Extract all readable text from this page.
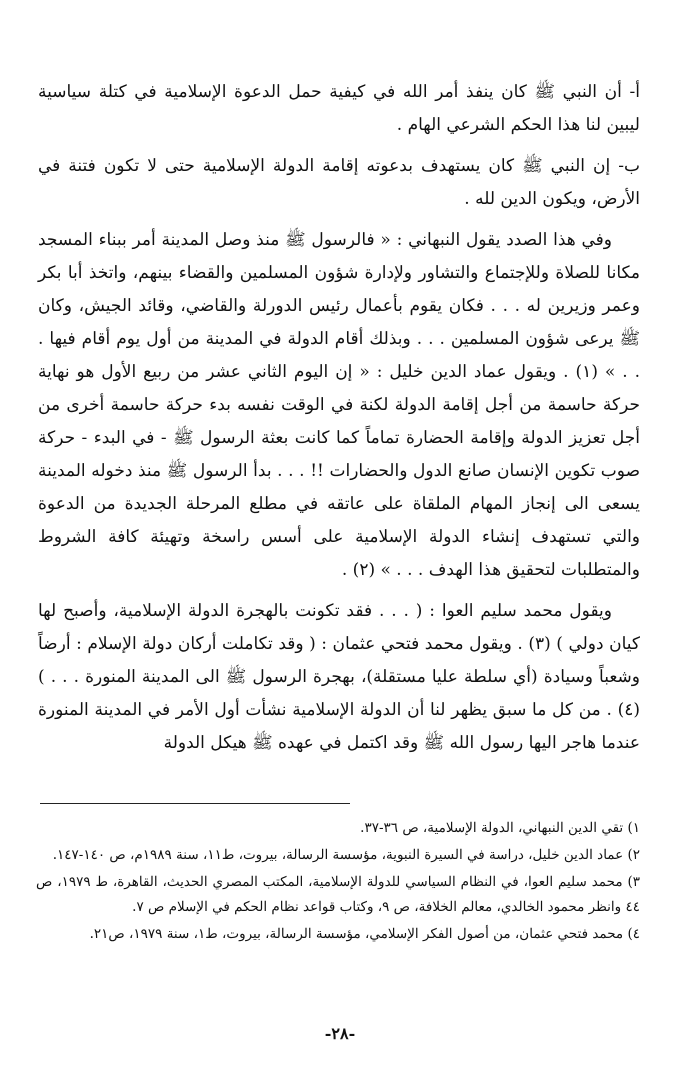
أ- أن النبي ﷺ كان ينفذ أمر الله في كيفية حمل الدعوة الإسلامية في كتلة سياسية ليبين لنا هذا الحكم الشرعي الهام .

ب- إن النبي ﷺ كان يستهدف بدعوته إقامة الدولة الإسلامية حتى لا تكون فتنة في الأرض، ويكون الدين لله .

وفي هذا الصدد يقول النبهاني : « فالرسول ﷺ منذ وصل المدينة أمر ببناء المسجد مكانا للصلاة وللإجتماع والتشاور ولإدارة شؤون المسلمين والقضاء بينهم، واتخذ أبا بكر وعمر وزيرين له . . . فكان يقوم بأعمال رئيس الدورلة والقاضي، وقائد الجيش، وكان ﷺ يرعى شؤون المسلمين . . . وبذلك أقام الدولة في المدينة من أول يوم أقام فيها . . . » (١) . ويقول عماد الدين خليل : « إن اليوم الثاني عشر من ربيع الأول هو نهاية حركة حاسمة من أجل إقامة الدولة لكنة في الوقت نفسه بدء حركة حاسمة أخرى من أجل تعزيز الدولة وإقامة الحضارة تماماً كما كانت بعثة الرسول ﷺ - في البدء - حركة صوب تكوين الإنسان صانع الدول والحضارات !! . . . بدأ الرسول ﷺ منذ دخوله المدينة يسعى الى إنجاز المهام الملقاة على عاتقه في مطلع المرحلة الجديدة من الدعوة والتي تستهدف إنشاء الدولة الإسلامية على أسس راسخة وتهيئة كافة الشروط والمتطلبات لتحقيق هذا الهدف . . . » (٢) .

ويقول محمد سليم العوا : ( . . . فقد تكونت بالهجرة الدولة الإسلامية، وأصبح لها كيان دولي ) (٣) . ويقول محمد فتحي عثمان : ( وقد تكاملت أركان دولة الإسلام : أرضاً وشعباً وسيادة (أي سلطة عليا مستقلة)، بهجرة الرسول ﷺ الى المدينة المنورة . . . ) (٤) . من كل ما سبق يظهر لنا أن الدولة الإسلامية نشأت أول الأمر في المدينة المنورة عندما هاجر اليها رسول الله ﷺ وقد اكتمل في عهده ﷺ هيكل الدولة

١) تقي الدين النبهاني، الدولة الإسلامية، ص ٣٦-٣٧.

٢) عماد الدين خليل، دراسة في السيرة النبوية، مؤسسة الرسالة، بيروت، ط١١، سنة ١٩٨٩م، ص ١٤٠-١٤٧.

٣) محمد سليم العوا، في النظام السياسي للدولة الإسلامية، المكتب المصري الحديث، القاهرة، ط ١٩٧٩، ص ٤٤ وانظر محمود الخالدي، معالم الخلافة، ص ٩، وكتاب قواعد نظام الحكم في الإسلام ص ٧.

٤) محمد فتحي عثمان، من أصول الفكر الإسلامي، مؤسسة الرسالة، بيروت، ط١، سنة ١٩٧٩، ص٢١.

-٢٨-
